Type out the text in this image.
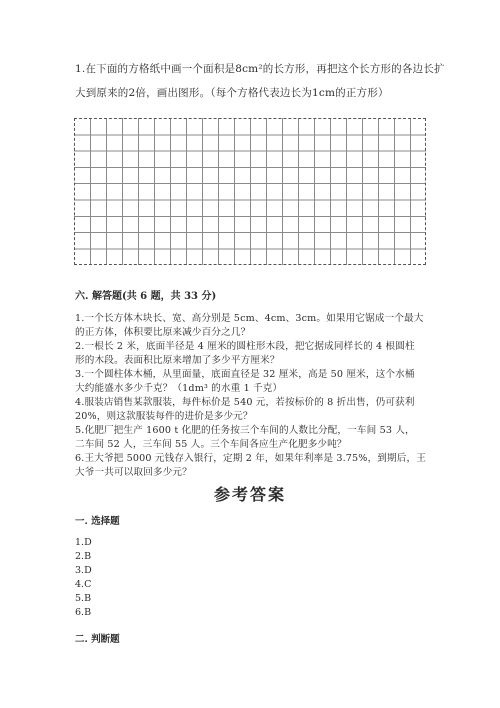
1.在下面的方格纸中画一个面积是8cm²的长方形，再把这个长方形的各边长扩
大到原来的2倍，画出图形。（每个方格代表边长为1cm的正方形）
六. 解答题(共 6 题，共 33 分)
1.一个长方体木块长、宽、高分别是 5cm、4cm、3cm。如果用它锯成一个最大
的正方体，体积要比原来减少百分之几？
2.一根长 2 米，底面半径是 4 厘米的圆柱形木段，把它据成同样长的 4 根圆柱
形的木段。表面积比原来增加了多少平方厘米？
3.一个圆柱体木桶，从里面量，底面直径是 32 厘米，高是 50 厘米，这个水桶
大约能盛水多少千克？（1dm³ 的水重 1 千克）
4.服装店销售某款服装，每件标价是 540 元，若按标价的 8 折出售，仍可获利
20%，则这款服装每件的进价是多少元？
5.化肥厂把生产 1600 t 化肥的任务按三个车间的人数比分配，一车间 53 人，
二车间 52 人，三车间 55 人。三个车间各应生产化肥多少吨？
6.王大爷把 5000 元钱存入银行，定期 2 年，如果年利率是 3.75%，到期后，王
大爷一共可以取回多少元？
参考答案
一. 选择题
1.D
2.B
3.D
4.C
5.B
6.B
二. 判断题
